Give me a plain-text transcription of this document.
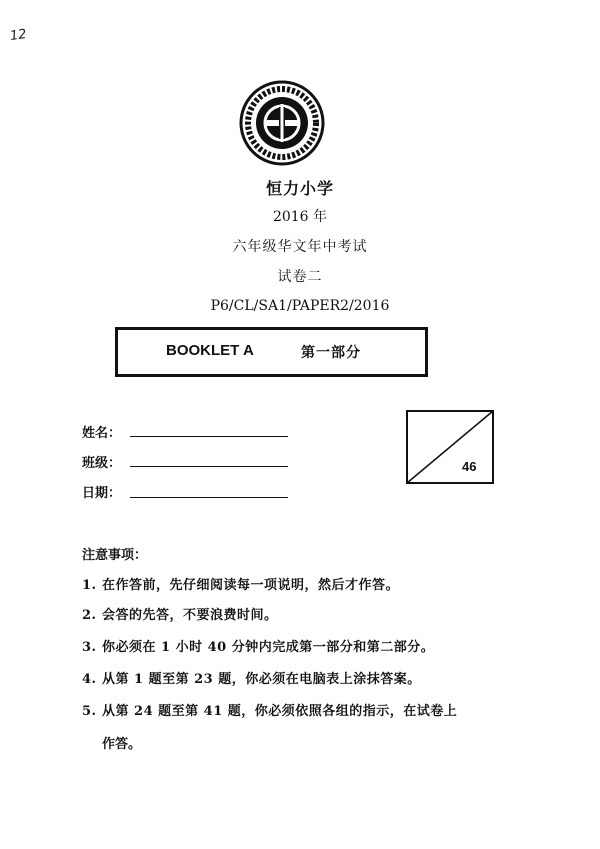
12
恒力小学
2016 年
六年级华文年中考试
试卷二
P6/CL/SA1/PAPER2/2016
BOOKLET A	第一部分
姓名：
班级：
日期：
46
注意事项：
1. 在作答前，先仔细阅读每一项说明，然后才作答。
2. 会答的先答，不要浪费时间。
3. 你必须在 1 小时 40 分钟内完成第一部分和第二部分。
4. 从第 1 题至第 23 题，你必须在电脑表上涂抹答案。
5. 从第 24 题至第 41 题，你必须依照各组的指示，在试卷上
作答。
